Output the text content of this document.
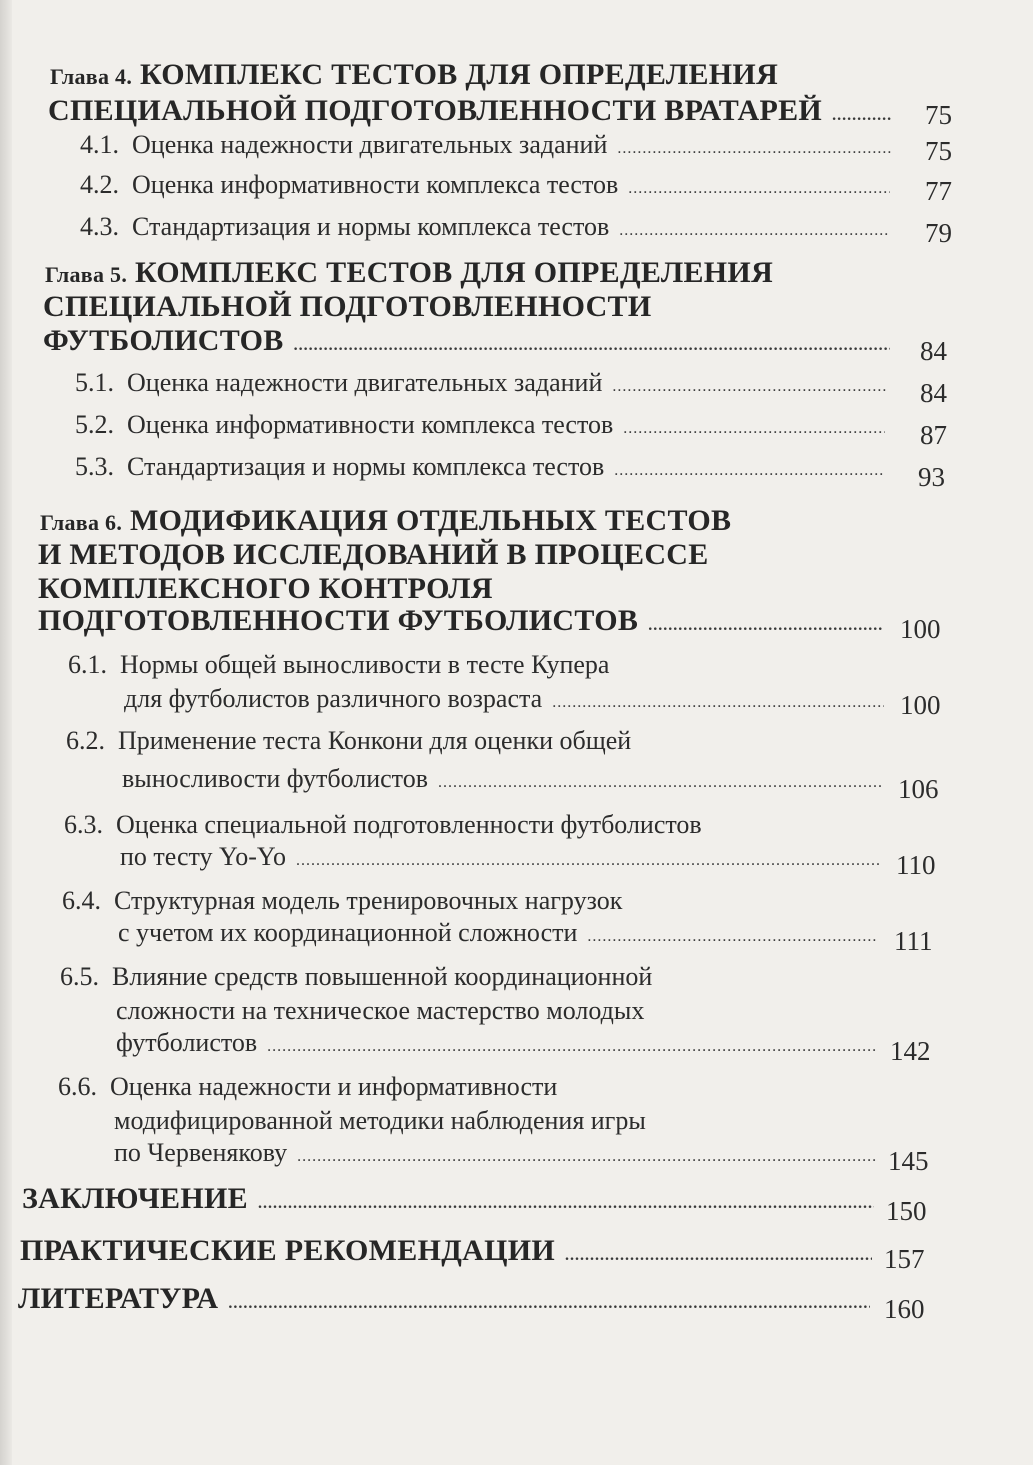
Глава 4. КОМПЛЕКС ТЕСТОВ ДЛЯ ОПРЕДЕЛЕНИЯ
СПЕЦИАЛЬНОЙ ПОДГОТОВЛЕННОСТИ ВРАТАРЕЙ .....	75
4.1. Оценка надежности двигательных заданий .....	75
4.2. Оценка информативности комплекса тестов .....	77
4.3. Стандартизация и нормы комплекса тестов .....	79
Глава 5. КОМПЛЕКС ТЕСТОВ ДЛЯ ОПРЕДЕЛЕНИЯ
СПЕЦИАЛЬНОЙ ПОДГОТОВЛЕННОСТИ
ФУТБОЛИСТОВ .....	84
5.1. Оценка надежности двигательных заданий .....	84
5.2. Оценка информативности комплекса тестов .....	87
5.3. Стандартизация и нормы комплекса тестов .....	93
Глава 6. МОДИФИКАЦИЯ ОТДЕЛЬНЫХ ТЕСТОВ
И МЕТОДОВ ИССЛЕДОВАНИЙ В ПРОЦЕССЕ
КОМПЛЕКСНОГО КОНТРОЛЯ
ПОДГОТОВЛЕННОСТИ ФУТБОЛИСТОВ .....	100
6.1. Нормы общей выносливости в тесте Купера
для футболистов различного возраста .....	100
6.2. Применение теста Конкони для оценки общей
выносливости футболистов .....	106
6.3. Оценка специальной подготовленности футболистов
по тесту Yo-Yo .....	110
6.4. Структурная модель тренировочных нагрузок
с учетом их координационной сложности .....	111
6.5. Влияние средств повышенной координационной
сложности на техническое мастерство молодых
футболистов .....	142
6.6. Оценка надежности и информативности
модифицированной методики наблюдения игры
по Червенякову .....	145
ЗАКЛЮЧЕНИЕ .....	150
ПРАКТИЧЕСКИЕ РЕКОМЕНДАЦИИ .....	157
ЛИТЕРАТУРА .....	160
